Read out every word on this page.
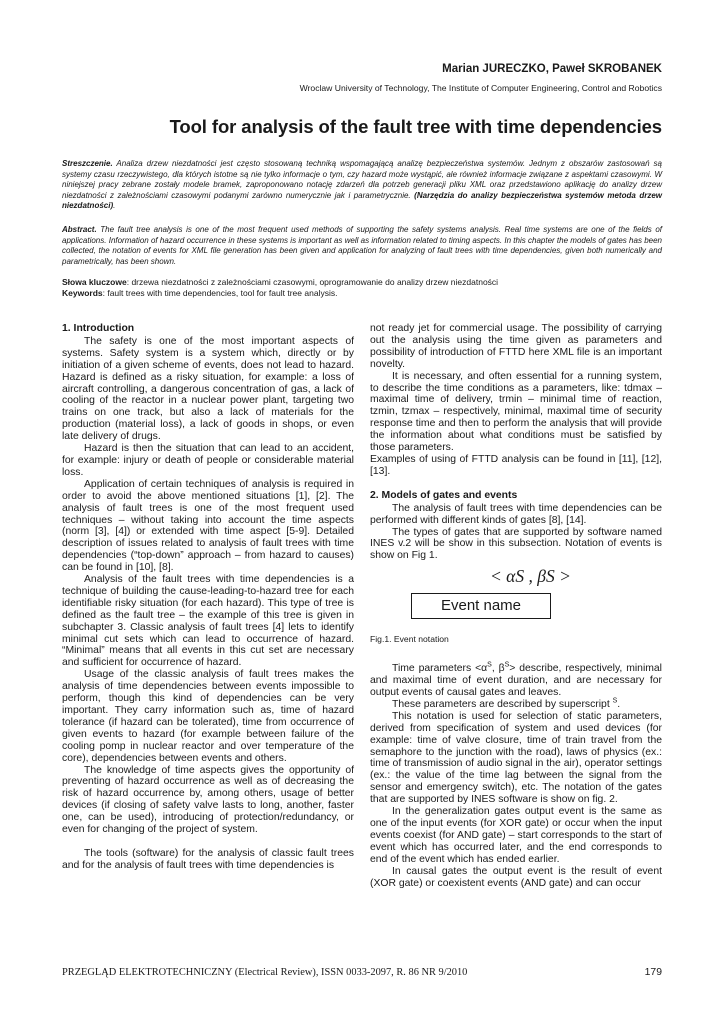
Marian JURECZKO, Paweł SKROBANEK
Wroclaw University of Technology, The Institute of Computer Engineering, Control and Robotics
Tool for analysis of the fault tree with time dependencies
Streszczenie. Analiza drzew niezdatności jest często stosowaną techniką wspomagającą analizę bezpieczeństwa systemów. Jednym z obszarów zastosowań są systemy czasu rzeczywistego, dla których istotne są nie tylko informacje o tym, czy hazard może wystąpić, ale również informacje związane z aspektami czasowymi. W niniejszej pracy zebrane zostały modele bramek, zaproponowano notację zdarzeń dla potrzeb generacji pliku XML oraz przedstawiono aplikację do analizy drzew niezdatności z zależnościami czasowymi podanymi zarówno numerycznie jak i parametrycznie. (Narzędzia do analizy bezpieczeństwa systemów metoda drzew niezdatności).
Abstract. The fault tree analysis is one of the most frequent used methods of supporting the safety systems analysis. Real time systems are one of the fields of applications. Information of hazard occurrence in these systems is important as well as information related to timing aspects. In this chapter the models of gates has been collected, the notation of events for XML file generation has been given and application for analyzing of fault trees with time dependencies, given both numerically and parametrically, has been shown.
Słowa kluczowe: drzewa niezdatności z zależnościami czasowymi, oprogramowanie do analizy drzew niezdatności
Keywords: fault trees with time dependencies, tool for fault tree analysis.

1. Introduction

The safety is one of the most important aspects of systems. Safety system is a system which, directly or by initiation of a given scheme of events, does not lead to hazard. Hazard is defined as a risky situation, for example: a loss of aircraft controlling, a dangerous concentration of gas, a lack of cooling of the reactor in a nuclear power plant, targeting two trains on one track, but also a lack of materials for the production (material loss), a lack of goods in shops, or even late delivery of drugs.

Hazard is then the situation that can lead to an accident, for example: injury or death of people or considerable material loss.

Application of certain techniques of analysis is required in order to avoid the above mentioned situations [1], [2]. The analysis of fault trees is one of the most frequent used techniques – without taking into account the time aspects (norm [3], [4]) or extended with time aspect [5-9]. Detailed description of issues related to analysis of fault trees with time dependencies (“top-down” approach – from hazard to causes) can be found in [10], [8].

Analysis of the fault trees with time dependencies is a technique of building the cause-leading-to-hazard tree for each identifiable risky situation (for each hazard). This type of tree is defined as the fault tree – the example of this tree is given in subchapter 3. Classic analysis of fault trees [4] lets to identify minimal cut sets which can lead to occurrence of hazard. “Minimal” means that all events in this cut set are necessary and sufficient for occurrence of hazard.

Usage of the classic analysis of fault trees makes the analysis of time dependencies between events impossible to perform, though this kind of dependencies can be very important. They carry information such as, time of hazard tolerance (if hazard can be tolerated), time from occurrence of given events to hazard (for example between failure of the cooling pomp in nuclear reactor and over temperature of the core), dependencies between events and others.

The knowledge of time aspects gives the opportunity of preventing of hazard occurrence as well as of decreasing the risk of hazard occurrence by, among others, usage of better devices (if closing of safety valve lasts to long, another, faster one, can be used), introducing of protection/redundancy, or even for changing of the project of system.

The tools (software) for the analysis of classic fault trees and for the analysis of fault trees with time dependencies is

not ready jet for commercial usage. The possibility of carrying out the analysis using the time given as parameters and possibility of introduction of FTTD here XML file is an important novelty.

It is necessary, and often essential for a running system, to describe the time conditions as a parameters, like: tdmax – maximal time of delivery, trmin – minimal time of reaction, tzmin, tzmax – respectively, minimal, maximal time of security response time and then to perform the analysis that will provide the information about what conditions must be satisfied by those parameters.

Examples of using of FTTD analysis can be found in [11], [12], [13].

2. Models of gates and events

The analysis of fault trees with time dependencies can be performed with different kinds of gates [8], [14].

The types of gates that are supported by software named INES v.2 will be show in this subsection. Notation of events is show on Fig 1.

< αS , βS >
Event name
Fig.1. Event notation

Time parameters $<\alpha^S$, $\beta^S>$ describe, respectively, minimal and maximal time of event duration, and are necessary for output events of causal gates and leaves.

These parameters are described by superscript $^S$.

This notation is used for selection of static parameters, derived from specification of system and used devices (for example: time of valve closure, time of train travel from the semaphore to the junction with the road), laws of physics (ex.: time of transmission of audio signal in the air), operator settings (ex.: the value of the time lag between the signal from the sensor and emergency switch), etc. The notation of the gates that are supported by INES software is show on fig. 2.

In the generalization gates output event is the same as one of the input events (for XOR gate) or occur when the input events coexist (for AND gate) – start corresponds to the start of event which has occurred later, and the end corresponds to end of the event which has ended earlier.

In causal gates the output event is the result of event (XOR gate) or coexistent events (AND gate) and can occur

PRZEGLĄD ELEKTROTECHNICZNY (Electrical Review), ISSN 0033-2097, R. 86 NR 9/2010	179
